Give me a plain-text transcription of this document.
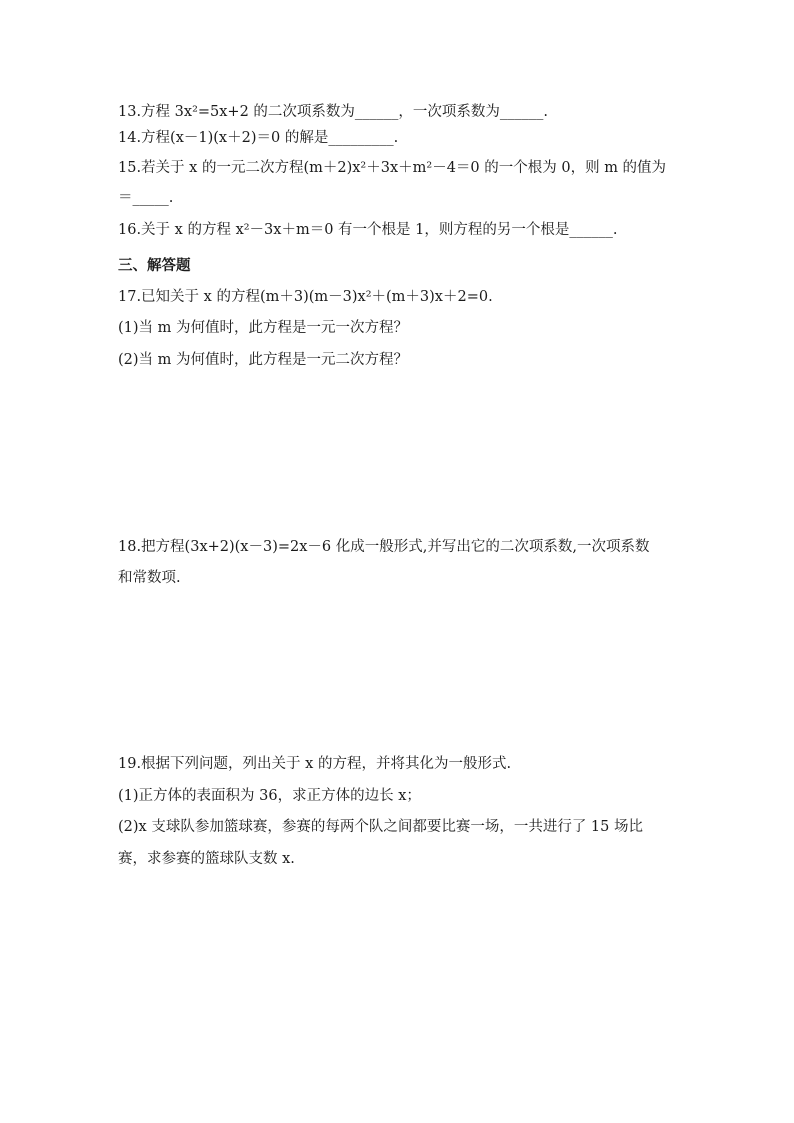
13.方程 3x²=5x+2 的二次项系数为______，一次项系数为______.
14.方程(x－1)(x＋2)＝0 的解是_________.
15.若关于 x 的一元二次方程(m＋2)x²＋3x＋m²－4＝0 的一个根为 0，则 m 的值为
＝_____.
16.关于 x 的方程 x²－3x＋m＝0 有一个根是 1，则方程的另一个根是______.
三、解答题
17.已知关于 x 的方程(m＋3)(m－3)x²＋(m＋3)x＋2=0.
(1)当 m 为何值时，此方程是一元一次方程？
(2)当 m 为何值时，此方程是一元二次方程？
18.把方程(3x+2)(x－3)=2x－6 化成一般形式,并写出它的二次项系数,一次项系数
和常数项.
19.根据下列问题，列出关于 x 的方程，并将其化为一般形式.
(1)正方体的表面积为 36，求正方体的边长 x；
(2)x 支球队参加篮球赛，参赛的每两个队之间都要比赛一场，一共进行了 15 场比
赛，求参赛的篮球队支数 x.
